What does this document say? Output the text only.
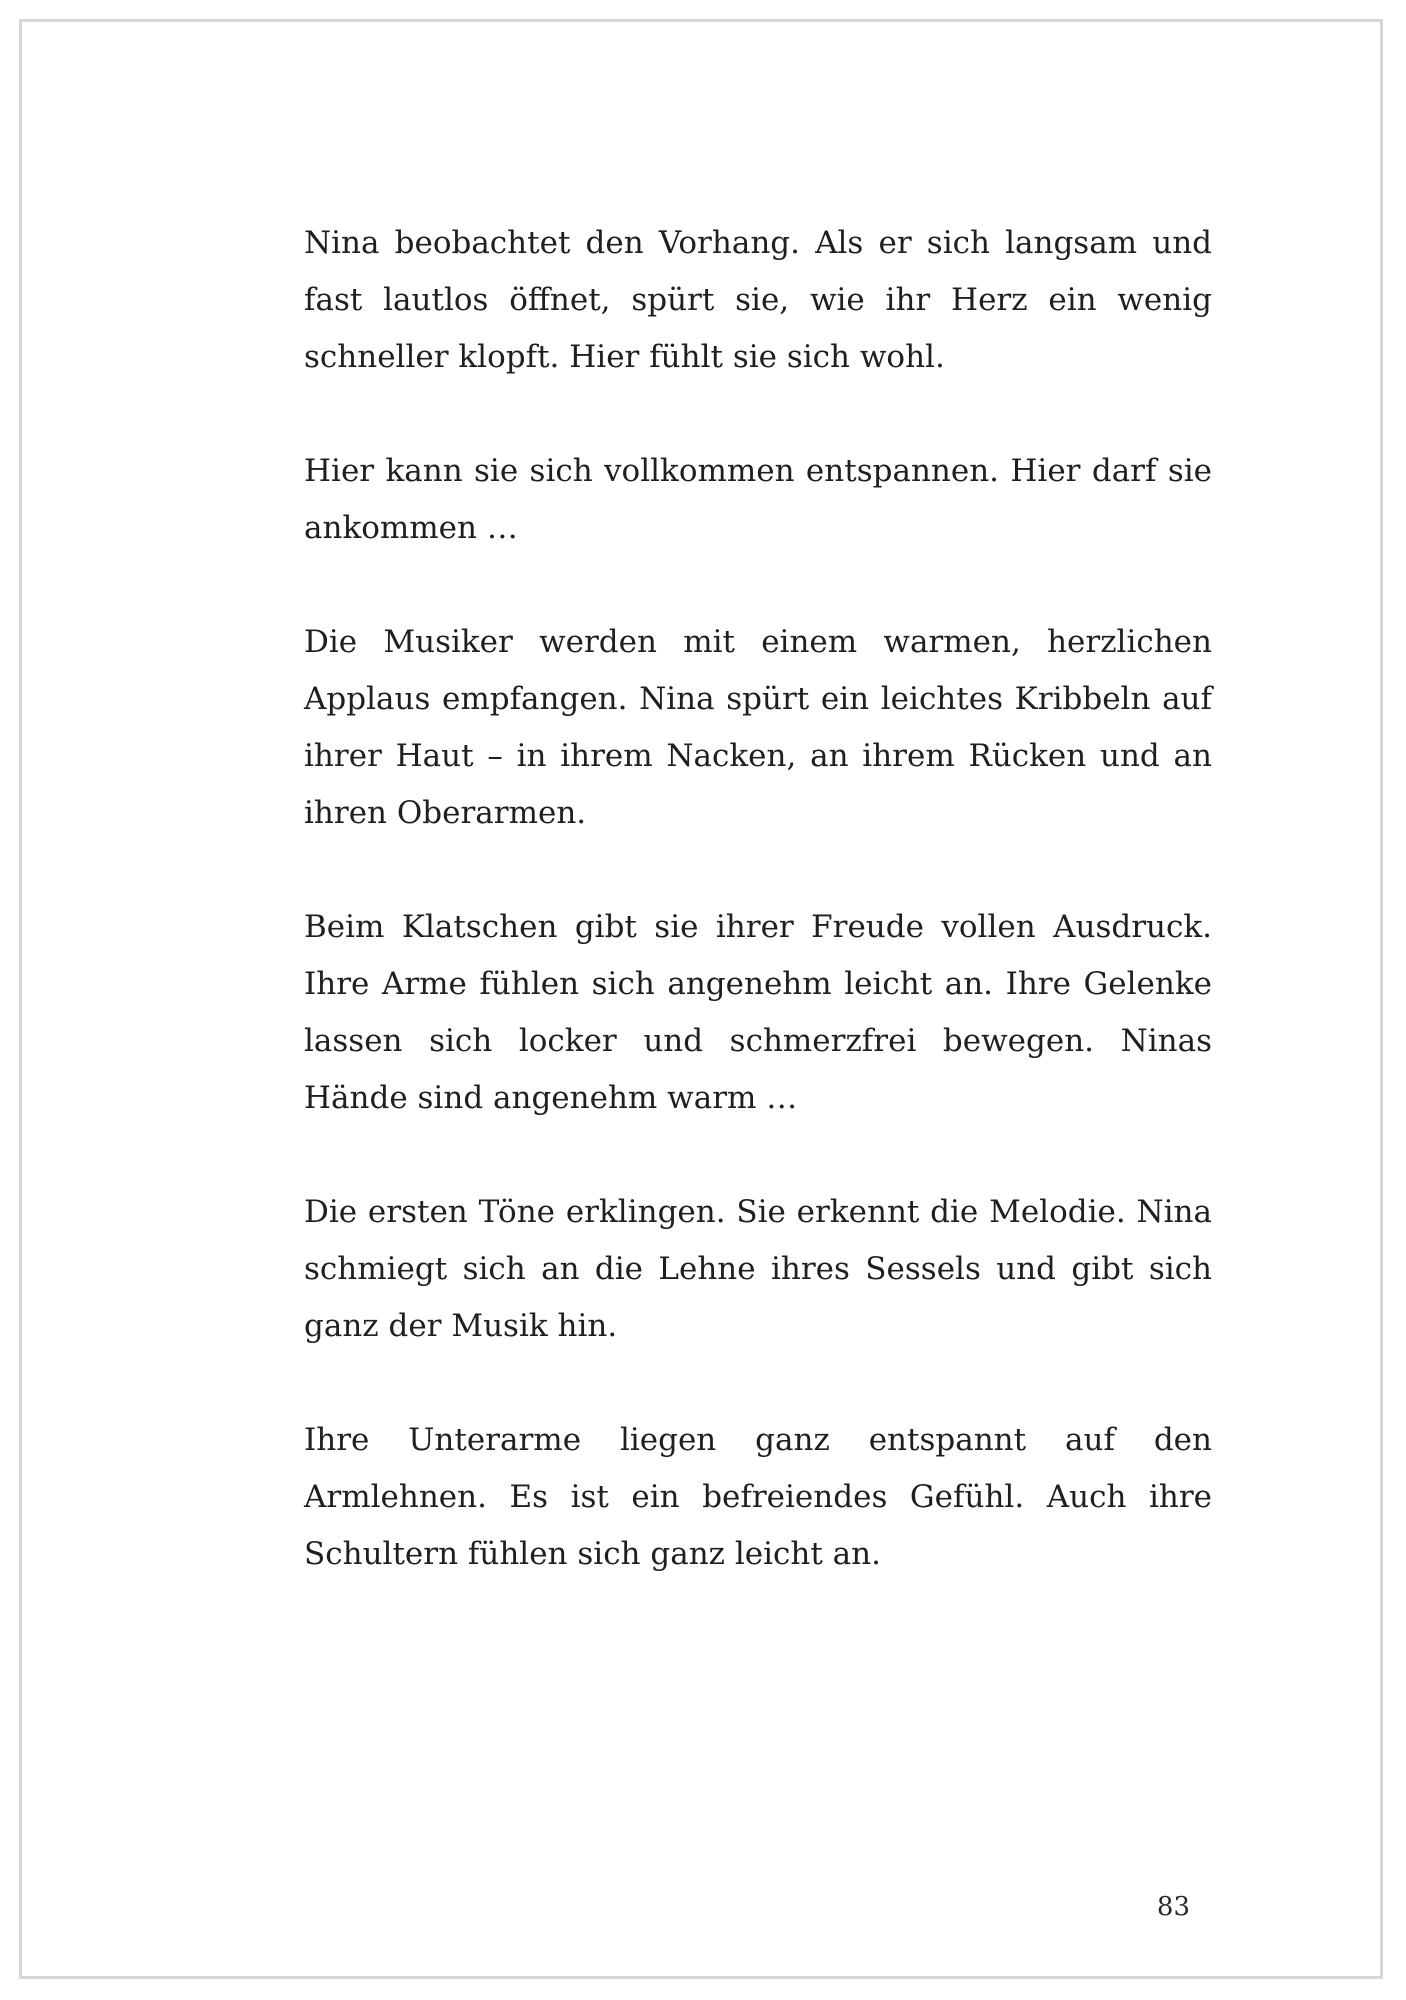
Nina beobachtet den Vorhang. Als er sich langsam und fast lautlos öffnet, spürt sie, wie ihr Herz ein wenig schneller klopft. Hier fühlt sie sich wohl.

Hier kann sie sich vollkommen entspannen. Hier darf sie ankommen …

Die Musiker werden mit einem warmen, herzlichen Applaus empfangen. Nina spürt ein leichtes Kribbeln auf ihrer Haut – in ihrem Nacken, an ihrem Rücken und an ihren Oberarmen.

Beim Klatschen gibt sie ihrer Freude vollen Ausdruck. Ihre Arme fühlen sich angenehm leicht an. Ihre Gelenke lassen sich locker und schmerzfrei bewegen. Ninas Hände sind angenehm warm …

Die ersten Töne erklingen. Sie erkennt die Melodie. Nina schmiegt sich an die Lehne ihres Sessels und gibt sich ganz der Musik hin.

Ihre Unterarme liegen ganz entspannt auf den Armlehnen. Es ist ein befreiendes Gefühl. Auch ihre Schultern fühlen sich ganz leicht an.

83
